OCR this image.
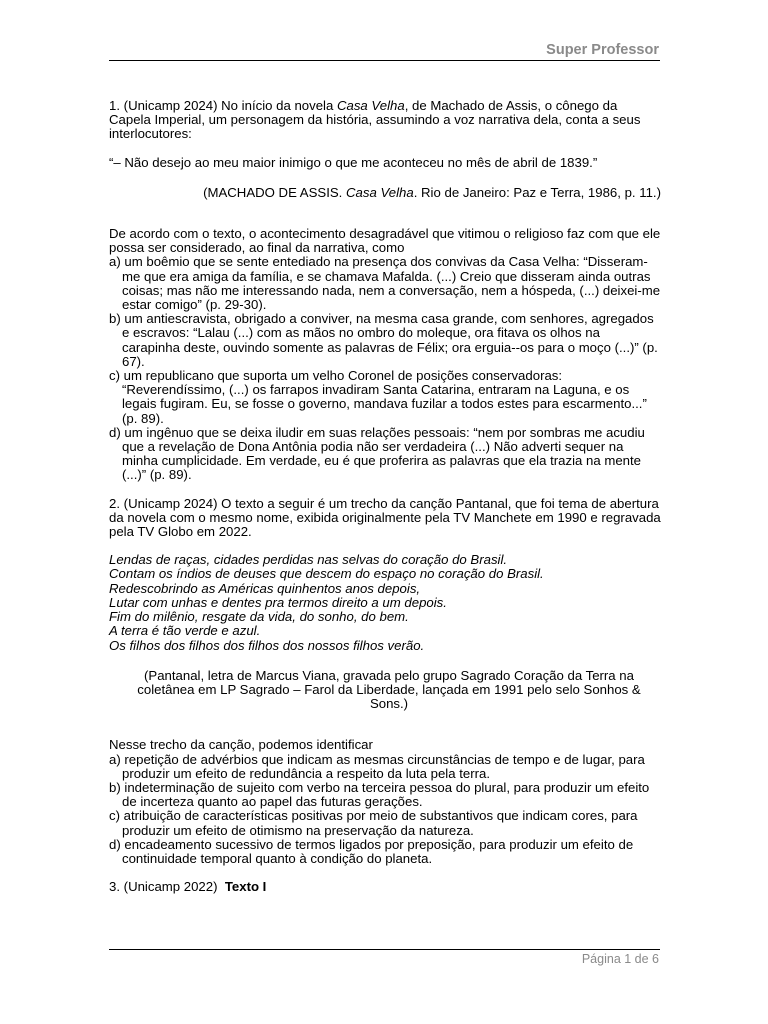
Super Professor

1. (Unicamp 2024) No início da novela Casa Velha, de Machado de Assis, o cônego da Capela Imperial, um personagem da história, assumindo a voz narrativa dela, conta a seus interlocutores:

“– Não desejo ao meu maior inimigo o que me aconteceu no mês de abril de 1839.”

(MACHADO DE ASSIS. Casa Velha. Rio de Janeiro: Paz e Terra, 1986, p. 11.)

De acordo com o texto, o acontecimento desagradável que vitimou o religioso faz com que ele possa ser considerado, ao final da narrativa, como

a) um boêmio que se sente entediado na presença dos convivas da Casa Velha: “Disseram-me que era amiga da família, e se chamava Mafalda. (...) Creio que disseram ainda outras coisas; mas não me interessando nada, nem a conversação, nem a hóspeda, (...) deixei-me estar comigo” (p. 29-30).
b) um antiescravista, obrigado a conviver, na mesma casa grande, com senhores, agregados e escravos: “Lalau (...) com as mãos no ombro do moleque, ora fitava os olhos na carapinha deste, ouvindo somente as palavras de Félix; ora erguia--os para o moço (...)” (p. 67).
c) um republicano que suporta um velho Coronel de posições conservadoras: “Reverendíssimo, (...) os farrapos invadiram Santa Catarina, entraram na Laguna, e os legais fugiram. Eu, se fosse o governo, mandava fuzilar a todos estes para escarmento...” (p. 89).
d) um ingênuo que se deixa iludir em suas relações pessoais: “nem por sombras me acudiu que a revelação de Dona Antônia podia não ser verdadeira (...) Não adverti sequer na minha cumplicidade. Em verdade, eu é que proferira as palavras que ela trazia na mente (...)” (p. 89).

2. (Unicamp 2024) O texto a seguir é um trecho da canção Pantanal, que foi tema de abertura da novela com o mesmo nome, exibida originalmente pela TV Manchete em 1990 e regravada pela TV Globo em 2022.

Lendas de raças, cidades perdidas nas selvas do coração do Brasil.

Contam os índios de deuses que descem do espaço no coração do Brasil.

Redescobrindo as Américas quinhentos anos depois,

Lutar com unhas e dentes pra termos direito a um depois.

Fim do milênio, resgate da vida, do sonho, do bem.

A terra é tão verde e azul.

Os filhos dos filhos dos filhos dos nossos filhos verão.

(Pantanal, letra de Marcus Viana, gravada pelo grupo Sagrado Coração da Terra na coletânea em LP Sagrado – Farol da Liberdade, lançada em 1991 pelo selo Sonhos & Sons.)

Nesse trecho da canção, podemos identificar

a) repetição de advérbios que indicam as mesmas circunstâncias de tempo e de lugar, para produzir um efeito de redundância a respeito da luta pela terra.
b) indeterminação de sujeito com verbo na terceira pessoa do plural, para produzir um efeito de incerteza quanto ao papel das futuras gerações.
c) atribuição de características positivas por meio de substantivos que indicam cores, para produzir um efeito de otimismo na preservação da natureza.
d) encadeamento sucessivo de termos ligados por preposição, para produzir um efeito de continuidade temporal quanto à condição do planeta.

3. (Unicamp 2022)  Texto I

Página 1 de 6
